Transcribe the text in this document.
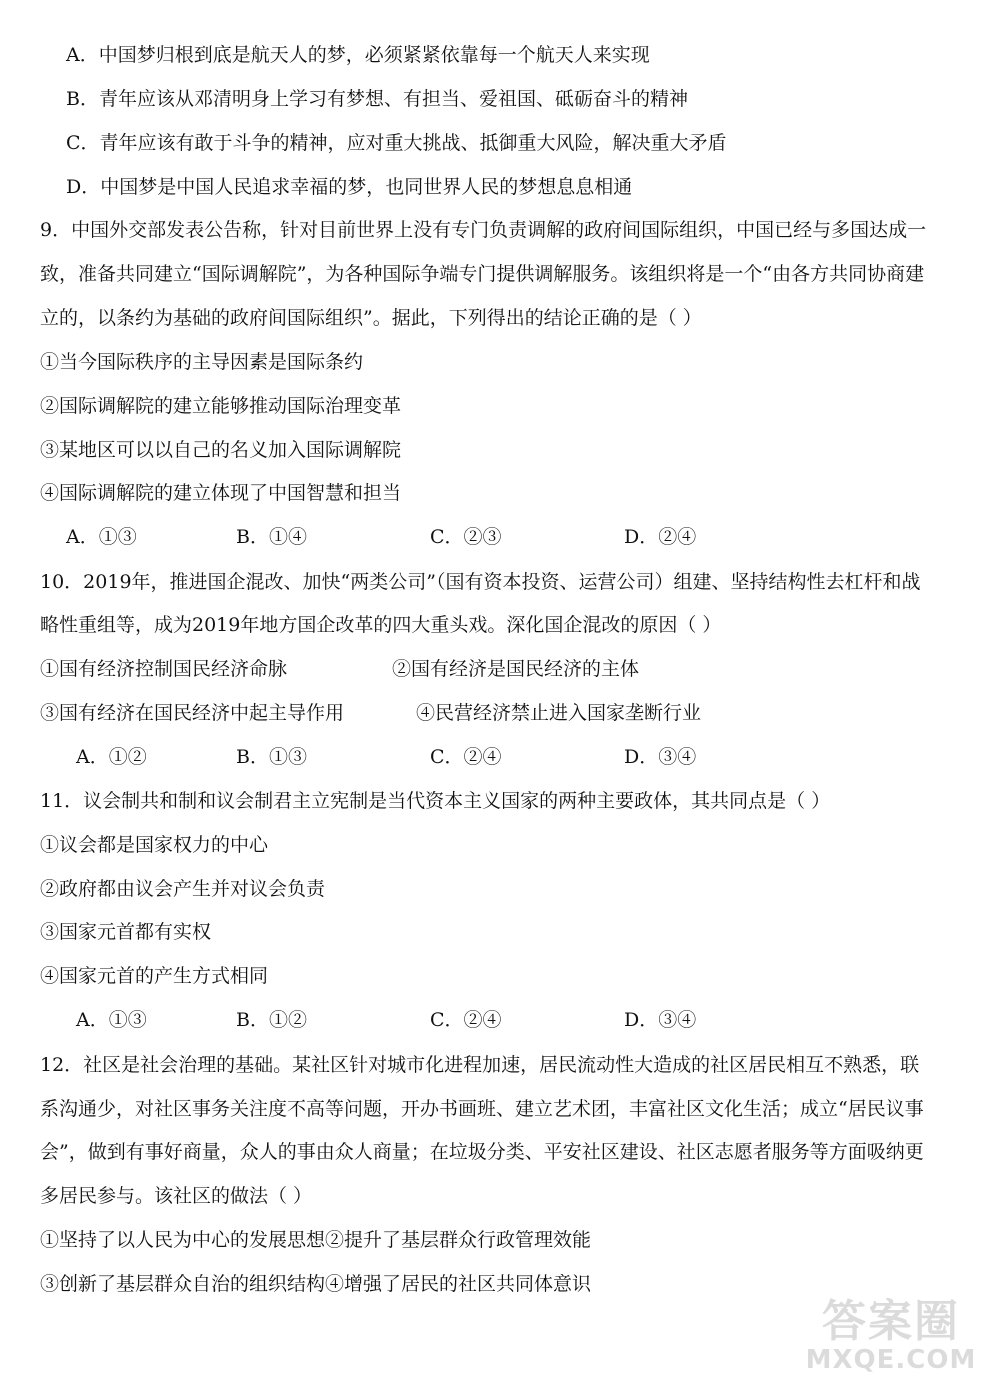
A．中国梦归根到底是航天人的梦，必须紧紧依靠每一个航天人来实现
B．青年应该从邓清明身上学习有梦想、有担当、爱祖国、砥砺奋斗的精神
C．青年应该有敢于斗争的精神，应对重大挑战、抵御重大风险，解决重大矛盾
D．中国梦是中国人民追求幸福的梦，也同世界人民的梦想息息相通
9．中国外交部发表公告称，针对目前世界上没有专门负责调解的政府间国际组织，中国已经与多国达成一
致，准备共同建立“国际调解院”，为各种国际争端专门提供调解服务。该组织将是一个“由各方共同协商建
立的，以条约为基础的政府间国际组织”。据此，下列得出的结论正确的是（ ）
①当今国际秩序的主导因素是国际条约
②国际调解院的建立能够推动国际治理变革
③某地区可以以自己的名义加入国际调解院
④国际调解院的建立体现了中国智慧和担当
A．①③	B．①④	C．②③	D．②④
10．2019年，推进国企混改、加快“两类公司”（国有资本投资、运营公司）组建、坚持结构性去杠杆和战
略性重组等，成为2019年地方国企改革的四大重头戏。深化国企混改的原因（ ）
①国有经济控制国民经济命脉	②国有经济是国民经济的主体
③国有经济在国民经济中起主导作用	④民营经济禁止进入国家垄断行业
A．①②	B．①③	C．②④	D．③④
11．议会制共和制和议会制君主立宪制是当代资本主义国家的两种主要政体，其共同点是（ ）
①议会都是国家权力的中心
②政府都由议会产生并对议会负责
③国家元首都有实权
④国家元首的产生方式相同
A．①③	B．①②	C．②④	D．③④
12．社区是社会治理的基础。某社区针对城市化进程加速，居民流动性大造成的社区居民相互不熟悉，联
系沟通少，对社区事务关注度不高等问题，开办书画班、建立艺术团，丰富社区文化生活；成立“居民议事
会”，做到有事好商量，众人的事由众人商量；在垃圾分类、平安社区建设、社区志愿者服务等方面吸纳更
多居民参与。该社区的做法（ ）
①坚持了以人民为中心的发展思想②提升了基层群众行政管理效能
③创新了基层群众自治的组织结构④增强了居民的社区共同体意识
答案圈
MXQE.COM
